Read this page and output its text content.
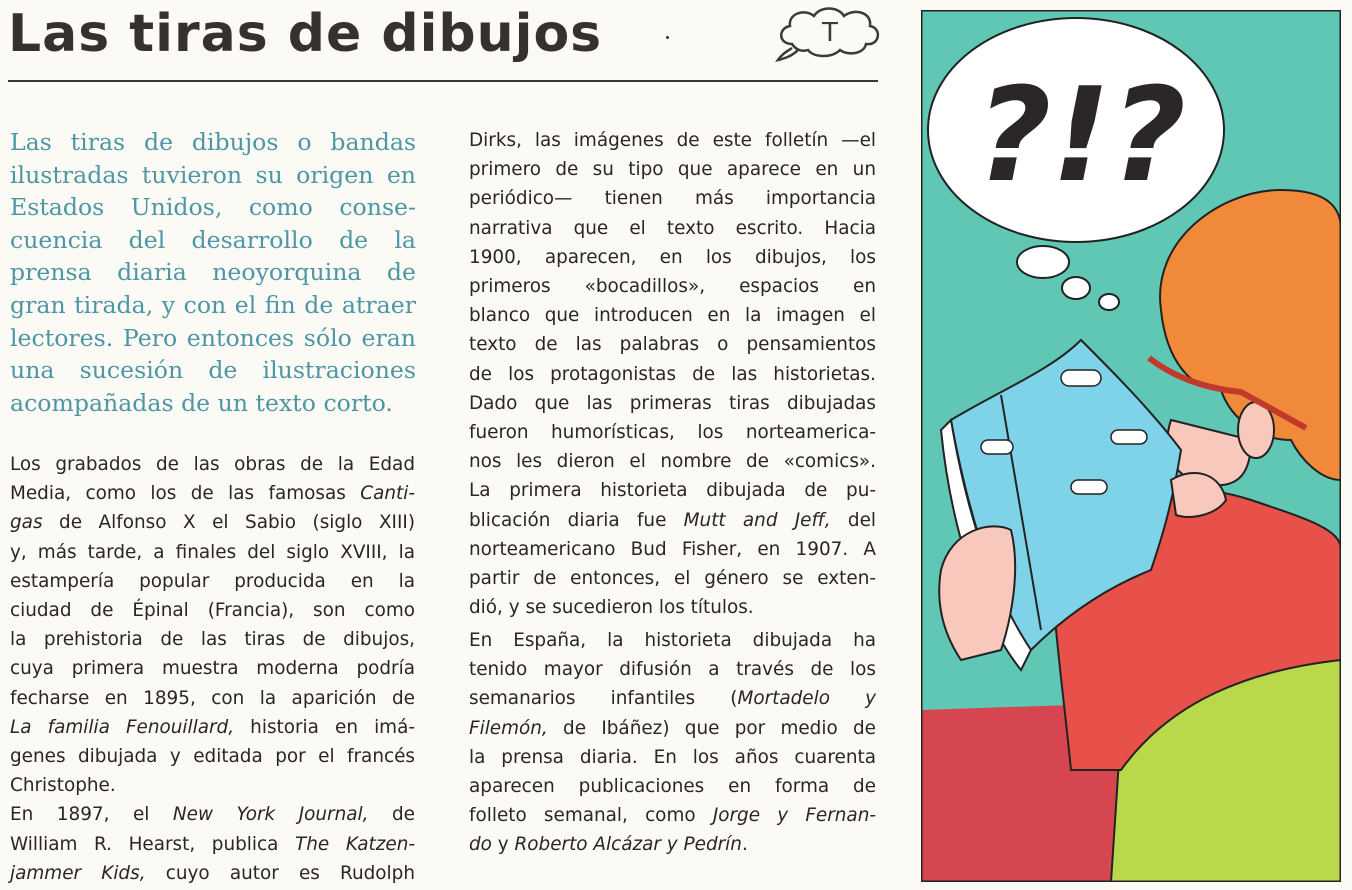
Las tiras de dibujos	T

Las tiras de dibujos o bandas
ilustradas tuvieron su origen en
Estados Unidos, como conse-
cuencia del desarrollo de la
prensa diaria neoyorquina de
gran tirada, y con el fin de atraer
lectores. Pero entonces sólo eran
una sucesión de ilustraciones
acompañadas de un texto corto.

Los grabados de las obras de la Edad
Media, como los de las famosas Canti-
gas de Alfonso X el Sabio (siglo XIII)
y, más tarde, a finales del siglo XVIII, la
estampería popular producida en la
ciudad de Épinal (Francia), son como
la prehistoria de las tiras de dibujos,
cuya primera muestra moderna podría
fecharse en 1895, con la aparición de
La familia Fenouillard, historia en imá-
genes dibujada y editada por el francés
Christophe.

En 1897, el New York Journal, de
William R. Hearst, publica The Katzen-
jammer Kids, cuyo autor es Rudolph

Dirks, las imágenes de este folletín —el
primero de su tipo que aparece en un
periódico— tienen más importancia
narrativa que el texto escrito. Hacia
1900, aparecen, en los dibujos, los
primeros «bocadillos», espacios en
blanco que introducen en la imagen el
texto de las palabras o pensamientos
de los protagonistas de las historietas.
Dado que las primeras tiras dibujadas
fueron humorísticas, los norteamerica-
nos les dieron el nombre de «comics».
La primera historieta dibujada de pu-
blicación diaria fue Mutt and Jeff, del
norteamericano Bud Fisher, en 1907. A
partir de entonces, el género se exten-
dió, y se sucedieron los títulos.

En España, la historieta dibujada ha
tenido mayor difusión a través de los
semanarios infantiles (Mortadelo y
Filemón, de Ibáñez) que por medio de
la prensa diaria. En los años cuarenta
aparecen publicaciones en forma de
folleto semanal, como Jorge y Fernan-
do y Roberto Alcázar y Pedrín.

?!?
